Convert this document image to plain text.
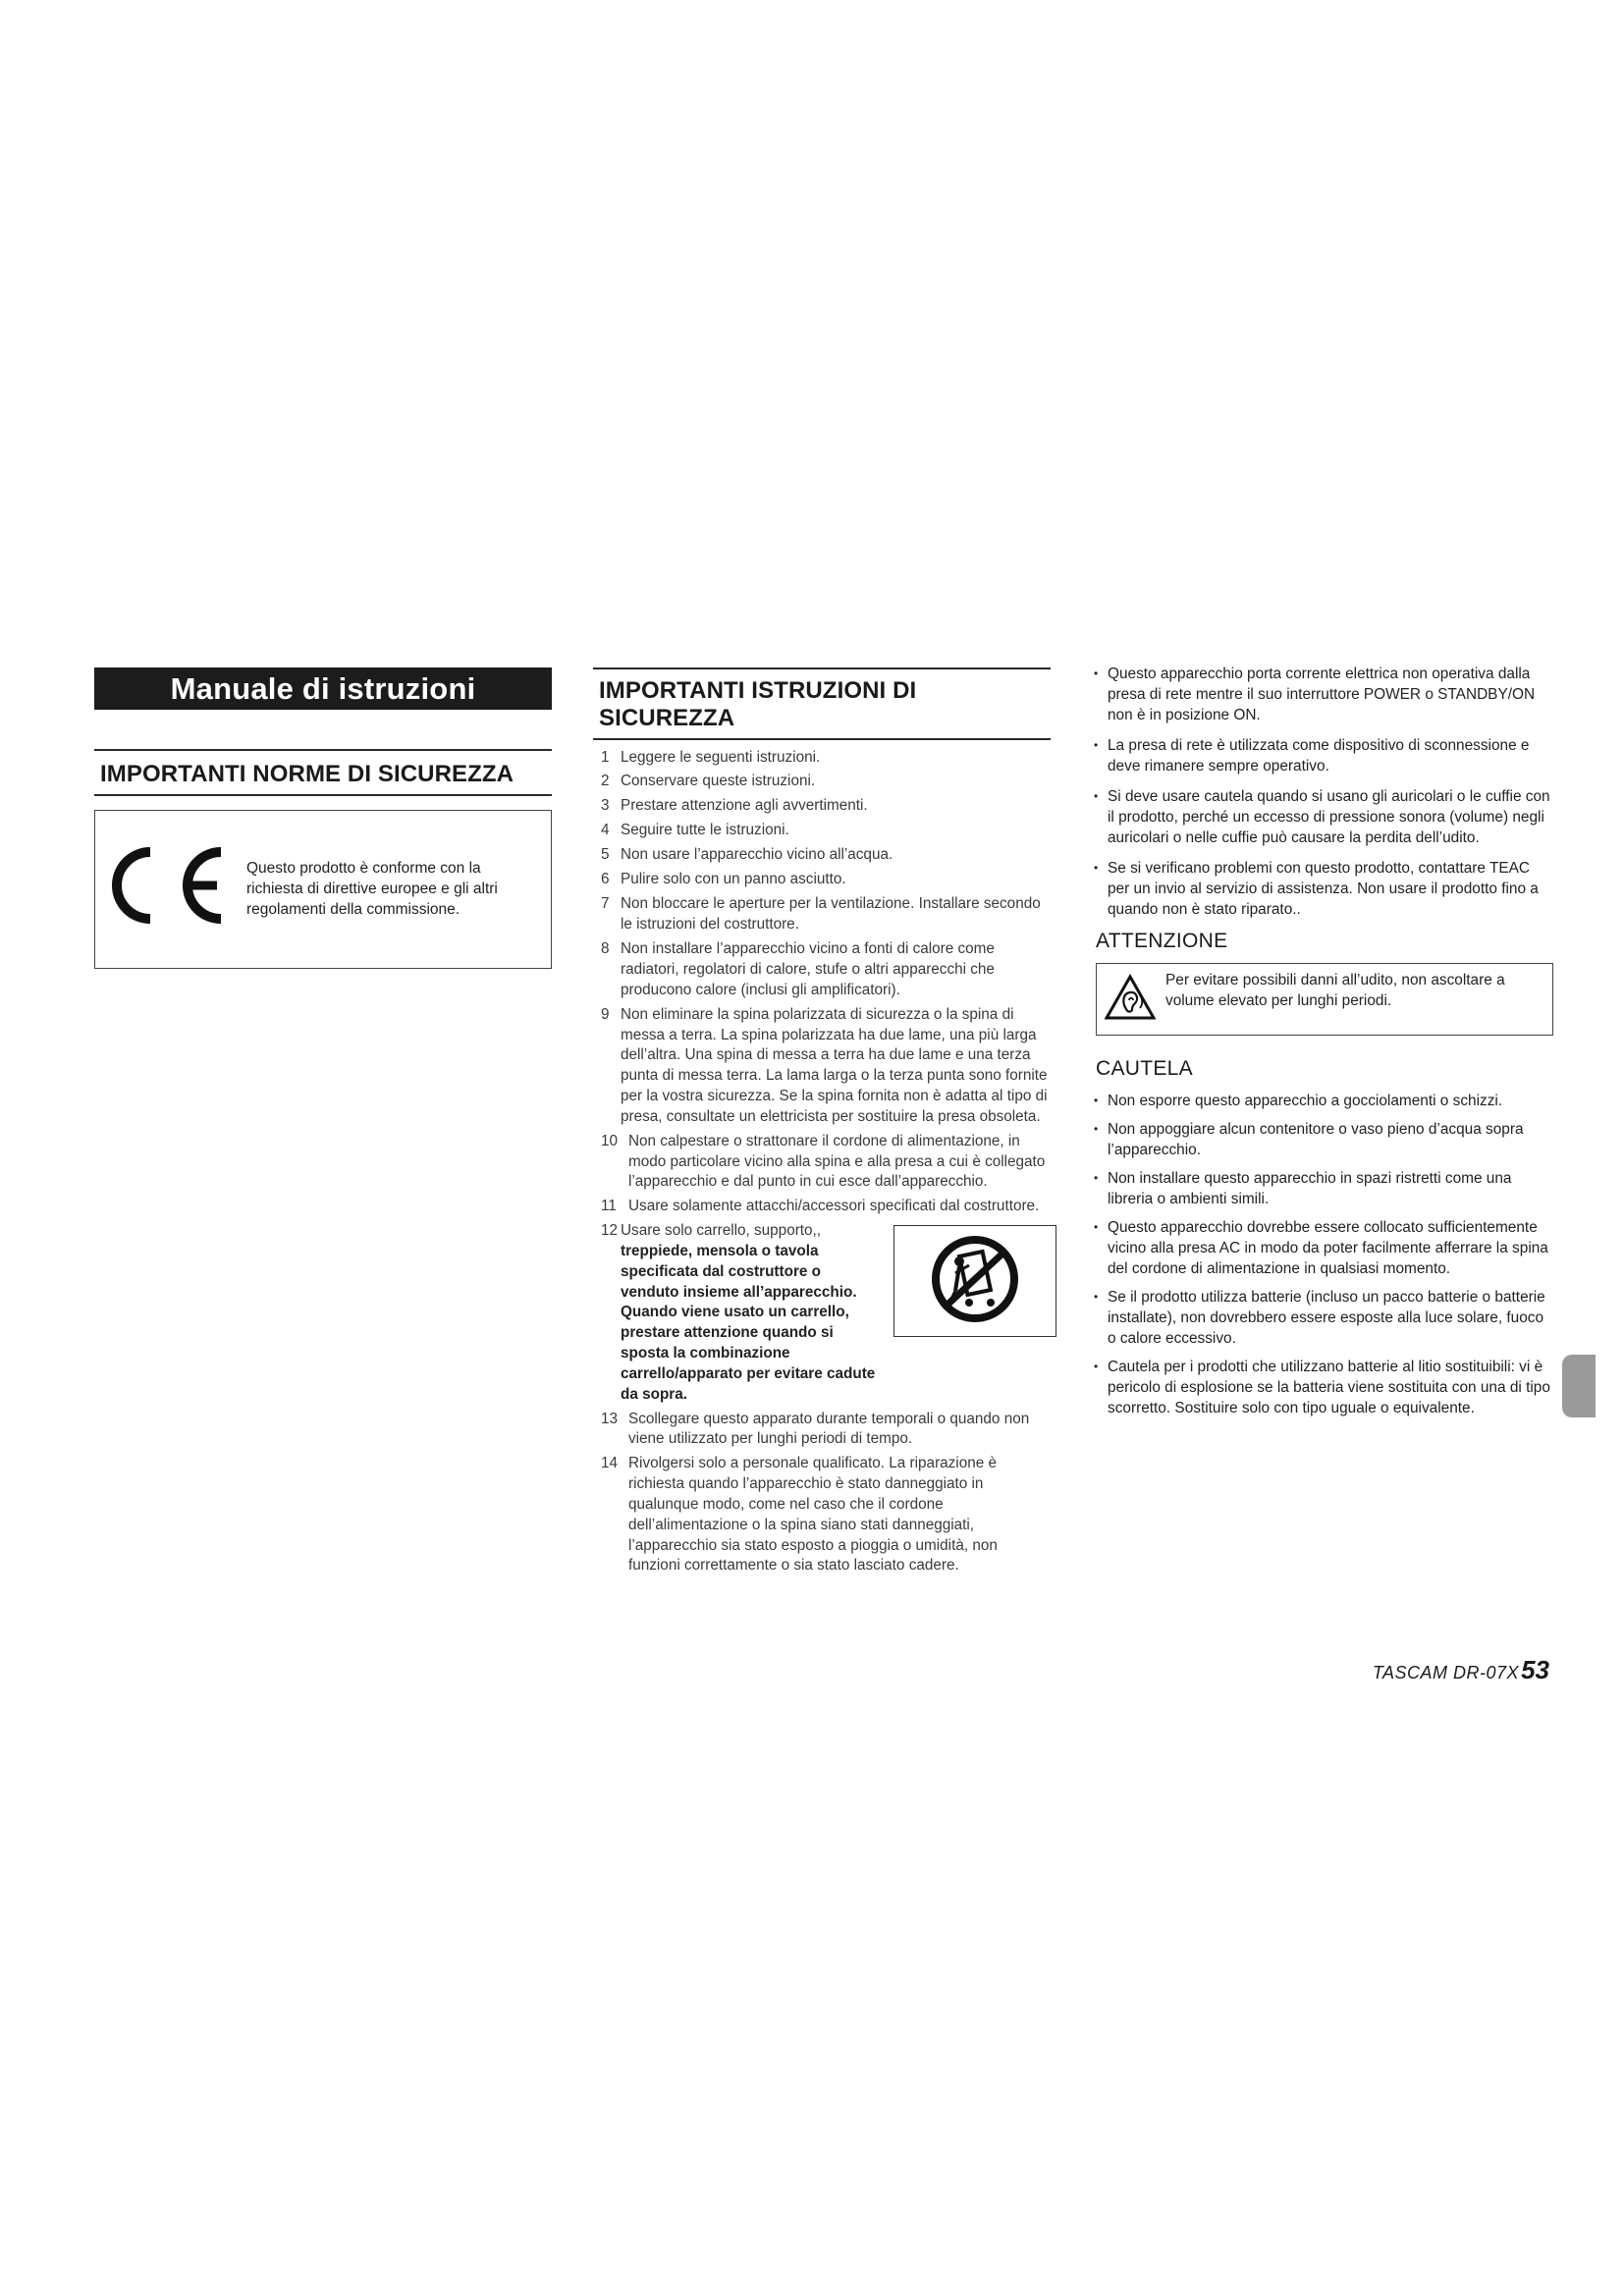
Manuale di istruzioni
IMPORTANTI NORME DI SICUREZZA
Questo prodotto è conforme con la richiesta di direttive europee e gli altri regolamenti della commissione.
IMPORTANTI ISTRUZIONI DI SICUREZZA
1 Leggere le seguenti istruzioni.
2 Conservare queste istruzioni.
3 Prestare attenzione agli avvertimenti.
4 Seguire tutte le istruzioni.
5 Non usare l’apparecchio vicino all’acqua.
6 Pulire solo con un panno asciutto.
7 Non bloccare le aperture per la ventilazione. Installare secondo le istruzioni del costruttore.
8 Non installare l’apparecchio vicino a fonti di calore come radiatori, regolatori di calore, stufe o altri apparecchi che producono calore (inclusi gli amplificatori).
9 Non eliminare la spina polarizzata di sicurezza o la spina di messa a terra. La spina polarizzata ha due lame, una più larga dell’altra. Una spina di messa a terra ha due lame e una terza punta di messa terra. La lama larga o la terza punta sono fornite per la vostra sicurezza. Se la spina fornita non è adatta al tipo di presa, consultate un elettricista per sostituire la presa obsoleta.
10 Non calpestare o strattonare il cordone di alimentazione, in modo particolare vicino alla spina e alla presa a cui è collegato l’apparecchio e dal punto in cui esce dall’apparecchio.
11 Usare solamente attacchi/accessori specificati dal costruttore.
12 Usare solo carrello, supporto,,
treppiede, mensola o tavola specificata dal costruttore o venduto insieme all’apparecchio. Quando viene usato un carrello, prestare attenzione quando si sposta la combinazione carrello/apparato per evitare cadute da sopra.
13 Scollegare questo apparato durante temporali o quando non viene utilizzato per lunghi periodi di tempo.
14 Rivolgersi solo a personale qualificato. La riparazione è richiesta quando l’apparecchio è stato danneggiato in qualunque modo, come nel caso che il cordone dell’alimentazione o la spina siano stati danneggiati, l’apparecchio sia stato esposto a pioggia o umidità, non funzioni correttamente o sia stato lasciato cadere.
• Questo apparecchio porta corrente elettrica non operativa dalla presa di rete mentre il suo interruttore POWER o STANDBY/ON non è in posizione ON.
• La presa di rete è utilizzata come dispositivo di sconnessione e deve rimanere sempre operativo.
• Si deve usare cautela quando si usano gli auricolari o le cuffie con il prodotto, perché un eccesso di pressione sonora (volume) negli auricolari o nelle cuffie può causare la perdita dell’udito.
• Se si verificano problemi con questo prodotto, contattare TEAC per un invio al servizio di assistenza. Non usare il prodotto fino a quando non è stato riparato..
ATTENZIONE
Per evitare possibili danni all’udito, non ascoltare a volume elevato per lunghi periodi.
CAUTELA
• Non esporre questo apparecchio a gocciolamenti o schizzi.
• Non appoggiare alcun contenitore o vaso pieno d’acqua sopra l’apparecchio.
• Non installare questo apparecchio in spazi ristretti come una libreria o ambienti simili.
• Questo apparecchio dovrebbe essere collocato sufficientemente vicino alla presa AC in modo da poter facilmente afferrare la spina del cordone di alimentazione in qualsiasi momento.
• Se il prodotto utilizza batterie (incluso un pacco batterie o batterie installate), non dovrebbero essere esposte alla luce solare, fuoco o calore eccessivo.
• Cautela per i prodotti che utilizzano batterie al litio sostituibili: vi è pericolo di esplosione se la batteria viene sostituita con una di tipo scorretto. Sostituire solo con tipo uguale o equivalente.
TASCAM DR-07X53
